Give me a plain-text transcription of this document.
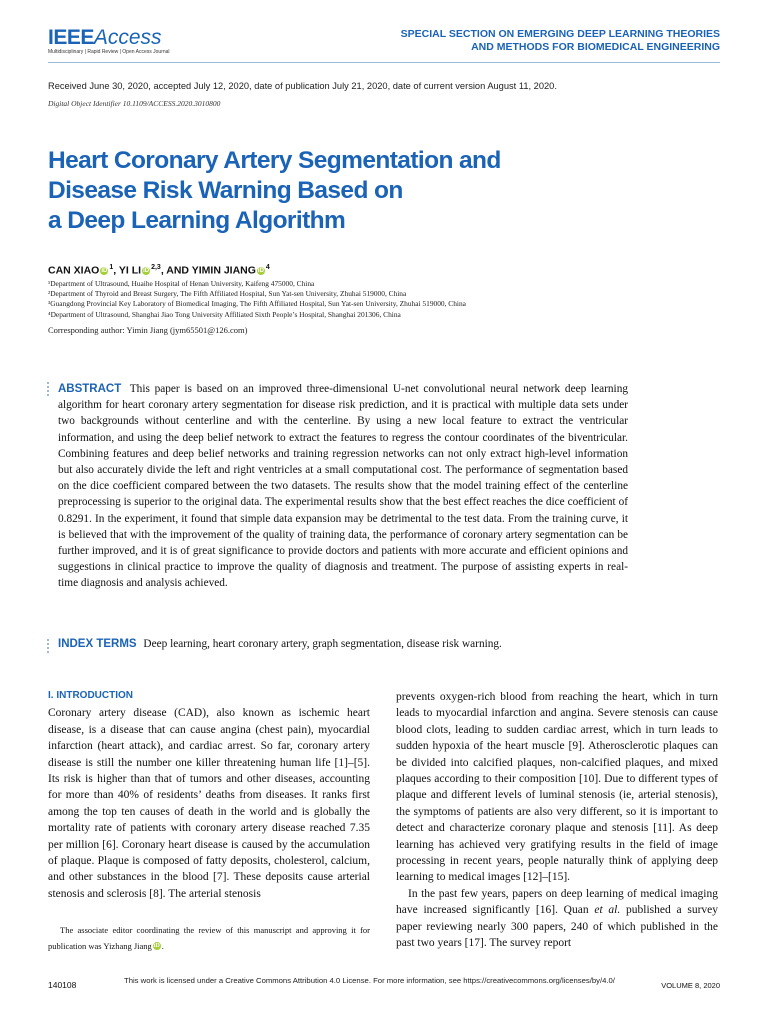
IEEEAccess
Multidisciplinary | Rapid Review | Open Access Journal
SPECIAL SECTION ON EMERGING DEEP LEARNING THEORIES
AND METHODS FOR BIOMEDICAL ENGINEERING
Received June 30, 2020, accepted July 12, 2020, date of publication July 21, 2020, date of current version August 11, 2020.
Digital Object Identifier 10.1109/ACCESS.2020.3010800
Heart Coronary Artery Segmentation and
Disease Risk Warning Based on
a Deep Learning Algorithm
CAN XIAO iD $^1$, YI LI iD $^{2,3}$, AND YIMIN JIANG iD $^4$
¹Department of Ultrasound, Huaihe Hospital of Henan University, Kaifeng 475000, China
²Department of Thyroid and Breast Surgery, The Fifth Affiliated Hospital, Sun Yat-sen University, Zhuhai 519000, China
³Guangdong Provincial Key Laboratory of Biomedical Imaging, The Fifth Affiliated Hospital, Sun Yat-sen University, Zhuhai 519000, China
⁴Department of Ultrasound, Shanghai Jiao Tong University Affiliated Sixth People’s Hospital, Shanghai 201306, China
Corresponding author: Yimin Jiang (jym65501@126.com)
ABSTRACT This paper is based on an improved three-dimensional U-net convolutional neural network deep learning algorithm for heart coronary artery segmentation for disease risk prediction, and it is practical with multiple data sets under two backgrounds without centerline and with the centerline. By using a new local feature to extract the ventricular information, and using the deep belief network to extract the features to regress the contour coordinates of the biventricular. Combining features and deep belief networks and training regression networks can not only extract high-level information but also accurately divide the left and right ventricles at a small computational cost. The performance of segmentation based on the dice coefficient compared between the two datasets. The results show that the model training effect of the centerline preprocessing is superior to the original data. The experimental results show that the best effect reaches the dice coefficient of 0.8291. In the experiment, it found that simple data expansion may be detrimental to the test data. From the training curve, it is believed that with the improvement of the quality of training data, the performance of coronary artery segmentation can be further improved, and it is of great significance to provide doctors and patients with more accurate and efficient opinions and suggestions in clinical practice to improve the quality of diagnosis and treatment. The purpose of assisting experts in real-time diagnosis and analysis achieved.
INDEX TERMS Deep learning, heart coronary artery, graph segmentation, disease risk warning.
I. INTRODUCTION

Coronary artery disease (CAD), also known as ischemic heart disease, is a disease that can cause angina (chest pain), myocardial infarction (heart attack), and cardiac arrest. So far, coronary artery disease is still the number one killer threatening human life [1]–[5]. Its risk is higher than that of tumors and other diseases, accounting for more than 40% of residents’ deaths from diseases. It ranks first among the top ten causes of death in the world and is globally the mortality rate of patients with coronary artery disease reached 7.35 per million [6]. Coronary heart disease is caused by the accumulation of plaque. Plaque is composed of fatty deposits, cholesterol, calcium, and other substances in the blood [7]. These deposits cause arterial stenosis and sclerosis [8]. The arterial stenosis

prevents oxygen-rich blood from reaching the heart, which in turn leads to myocardial infarction and angina. Severe stenosis can cause blood clots, leading to sudden cardiac arrest, which in turn leads to sudden hypoxia of the heart muscle [9]. Atherosclerotic plaques can be divided into calcified plaques, non-calcified plaques, and mixed plaques according to their composition [10]. Due to different types of plaque and different levels of luminal stenosis (ie, arterial stenosis), the symptoms of patients are also very different, so it is important to detect and characterize coronary plaque and stenosis [11]. As deep learning has achieved very gratifying results in the field of image processing in recent years, people naturally think of applying deep learning to medical images [12]–[15].

In the past few years, papers on deep learning of medical imaging have increased significantly [16]. Quan et al. published a survey paper reviewing nearly 300 papers, 240 of which published in the past two years [17]. The survey report

The associate editor coordinating the review of this manuscript and approving it for publication was Yizhang Jiang iD .
140108	This work is licensed under a Creative Commons Attribution 4.0 License. For more information, see https://creativecommons.org/licenses/by/4.0/
VOLUME 8, 2020
